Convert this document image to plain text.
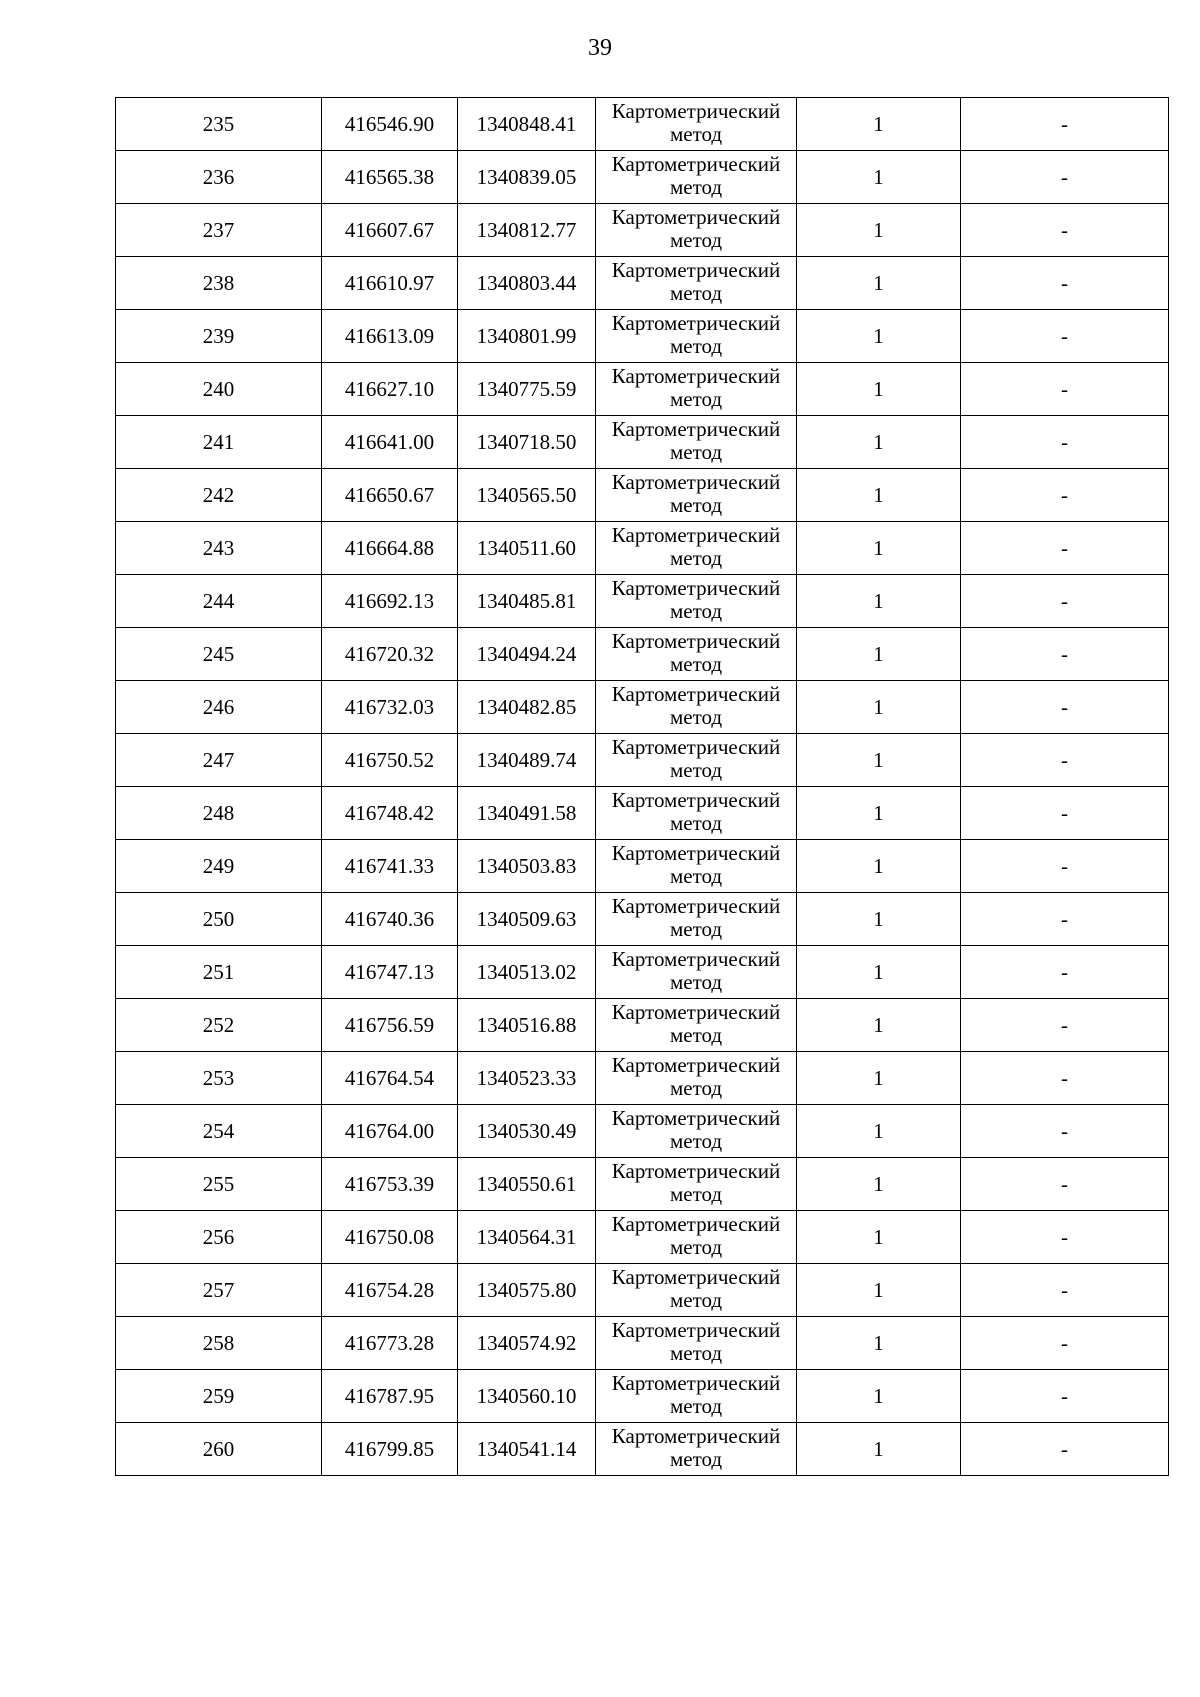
39
235	416546.90	1340848.41	Картометрический
метод	1	-
236	416565.38	1340839.05	Картометрический
метод	1	-
237	416607.67	1340812.77	Картометрический
метод	1	-
238	416610.97	1340803.44	Картометрический
метод	1	-
239	416613.09	1340801.99	Картометрический
метод	1	-
240	416627.10	1340775.59	Картометрический
метод	1	-
241	416641.00	1340718.50	Картометрический
метод	1	-
242	416650.67	1340565.50	Картометрический
метод	1	-
243	416664.88	1340511.60	Картометрический
метод	1	-
244	416692.13	1340485.81	Картометрический
метод	1	-
245	416720.32	1340494.24	Картометрический
метод	1	-
246	416732.03	1340482.85	Картометрический
метод	1	-
247	416750.52	1340489.74	Картометрический
метод	1	-
248	416748.42	1340491.58	Картометрический
метод	1	-
249	416741.33	1340503.83	Картометрический
метод	1	-
250	416740.36	1340509.63	Картометрический
метод	1	-
251	416747.13	1340513.02	Картометрический
метод	1	-
252	416756.59	1340516.88	Картометрический
метод	1	-
253	416764.54	1340523.33	Картометрический
метод	1	-
254	416764.00	1340530.49	Картометрический
метод	1	-
255	416753.39	1340550.61	Картометрический
метод	1	-
256	416750.08	1340564.31	Картометрический
метод	1	-
257	416754.28	1340575.80	Картометрический
метод	1	-
258	416773.28	1340574.92	Картометрический
метод	1	-
259	416787.95	1340560.10	Картометрический
метод	1	-
260	416799.85	1340541.14	Картометрический
метод	1	-
